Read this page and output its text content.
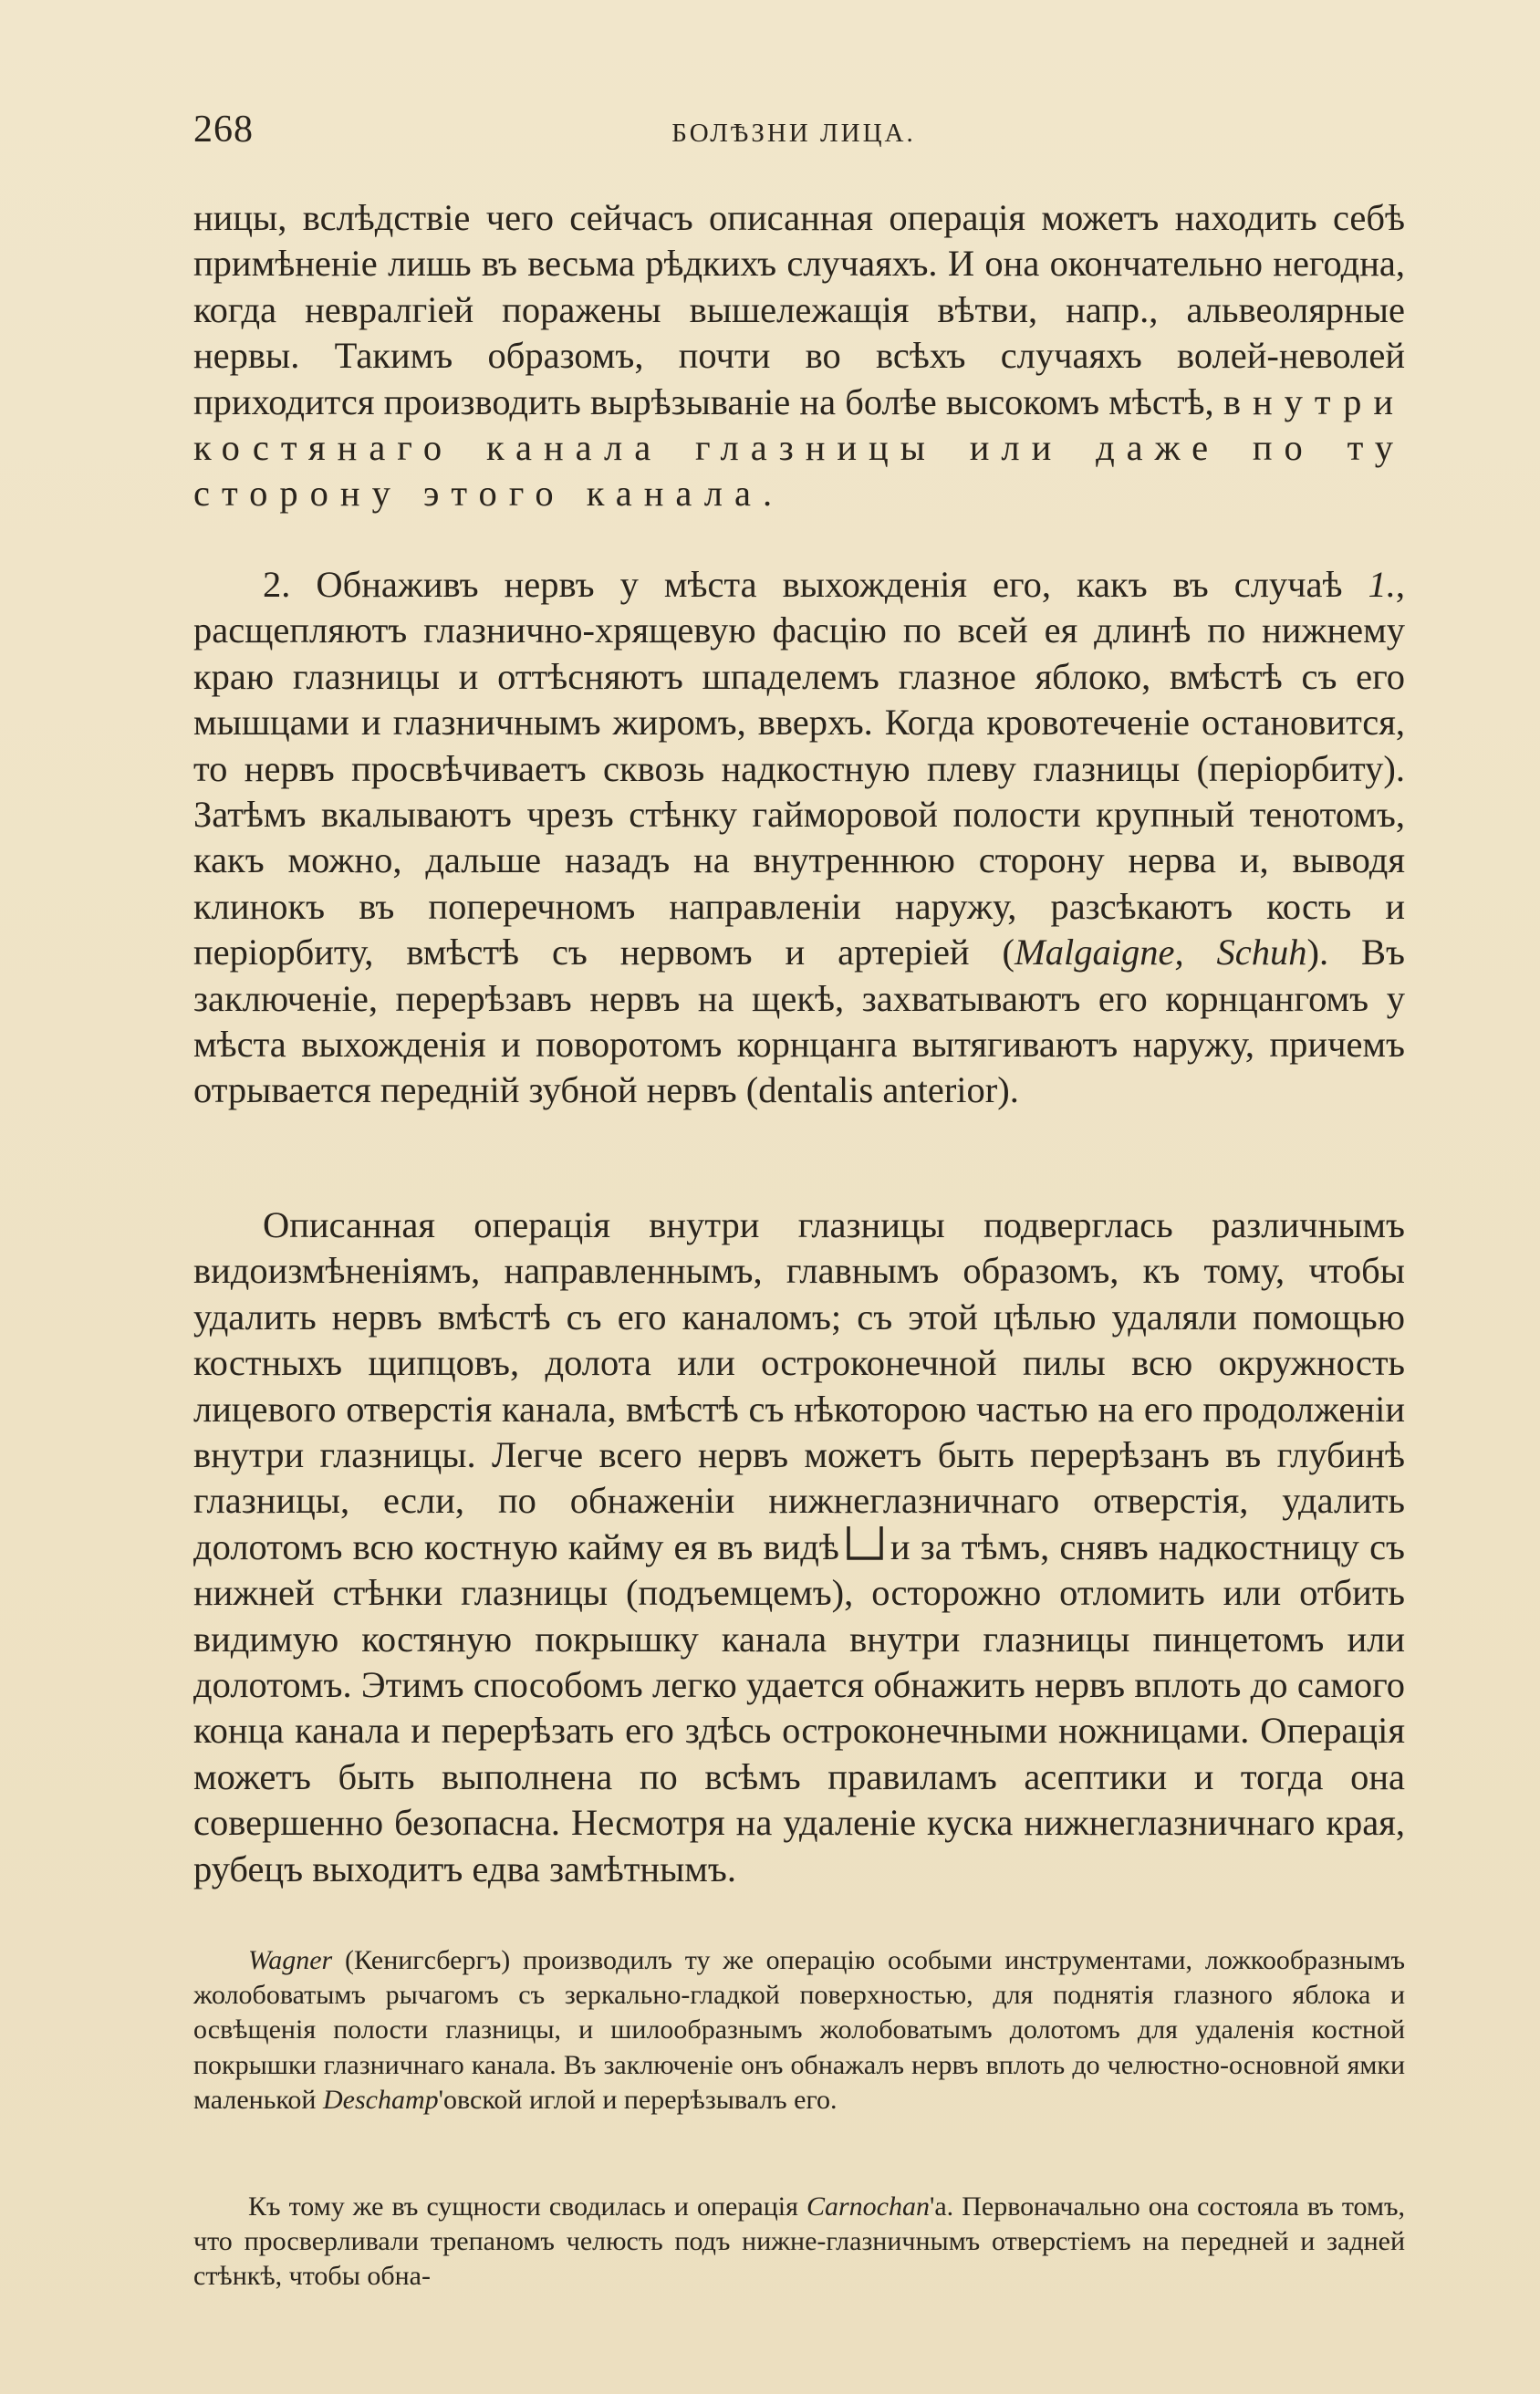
268	БОЛѢЗНИ ЛИЦА.

ницы, вслѣдствіе чего сейчасъ описанная операція можетъ находить себѣ примѣненіе лишь въ весьма рѣдкихъ случаяхъ. И она окончательно негодна, когда невралгіей поражены вышележащія вѣтви, напр., альвеолярные нервы. Такимъ образомъ, почти во всѣхъ случаяхъ волей-неволей приходится производить вырѣзываніе на болѣе высокомъ мѣстѣ, внутри костянаго канала глазницы или даже по ту сторону этого канала.

2. Обнаживъ нервъ у мѣста выхожденія его, какъ въ случаѣ 1., расщепляютъ глазнично-хрящевую фасцію по всей ея длинѣ по нижнему краю глазницы и оттѣсняютъ шпаделемъ глазное яблоко, вмѣстѣ съ его мышцами и глазничнымъ жиромъ, вверхъ. Когда кровотеченіе остановится, то нервъ просвѣчиваетъ сквозь надкостную плеву глазницы (періорбиту). Затѣмъ вкалываютъ чрезъ стѣнку гайморовой полости крупный тенотомъ, какъ можно, дальше назадъ на внутреннюю сторону нерва и, выводя клинокъ въ поперечномъ направленіи наружу, разсѣкаютъ кость и періорбиту, вмѣстѣ съ нервомъ и артеріей (Malgaigne, Schuh). Въ заключеніе, перерѣзавъ нервъ на щекѣ, захватываютъ его корнцангомъ у мѣста выхожденія и поворотомъ корнцанга вытягиваютъ наружу, причемъ отрывается передній зубной нервъ (dentalis anterior).

Описанная операція внутри глазницы подверглась различнымъ видоизмѣненіямъ, направленнымъ, главнымъ образомъ, къ тому, чтобы удалить нервъ вмѣстѣ съ его каналомъ; съ этой цѣлью удаляли помощью костныхъ щипцовъ, долота или остроконечной пилы всю окружность лицевого отверстія канала, вмѣстѣ съ нѣкоторою частью на его продолженіи внутри глазницы. Легче всего нервъ можетъ быть перерѣзанъ въ глубинѣ глазницы, если, по обнаженіи нижнеглазничнаго отверстія, удалить долотомъ всю костную кайму ея въ видѣ и за тѣмъ, снявъ надкостницу съ нижней стѣнки глазницы (подъемцемъ), осторожно отломить или отбить видимую костяную покрышку канала внутри глазницы пинцетомъ или долотомъ. Этимъ способомъ легко удается обнажить нервъ вплоть до самого конца канала и перерѣзать его здѣсь остроконечными ножницами. Операція можетъ быть выполнена по всѣмъ правиламъ асептики и тогда она совершенно безопасна. Несмотря на удаленіе куска нижнеглазничнаго края, рубецъ выходитъ едва замѣтнымъ.

Wagner (Кенигсбергъ) производилъ ту же операцію особыми инструментами, ложкообразнымъ жолобоватымъ рычагомъ съ зеркально-гладкой поверхностью, для поднятія глазного яблока и освѣщенія полости глазницы, и шилообразнымъ жолобоватымъ долотомъ для удаленія костной покрышки глазничнаго канала. Въ заключеніе онъ обнажалъ нервъ вплоть до челюстно-основной ямки маленькой Deschamp'овской иглой и перерѣзывалъ его.

Къ тому же въ сущности сводилась и операція Carnochan'а. Первоначально она состояла въ томъ, что просверливали трепаномъ челюсть подъ нижне-глазничнымъ отверстіемъ на передней и задней стѣнкѣ, чтобы обна-
